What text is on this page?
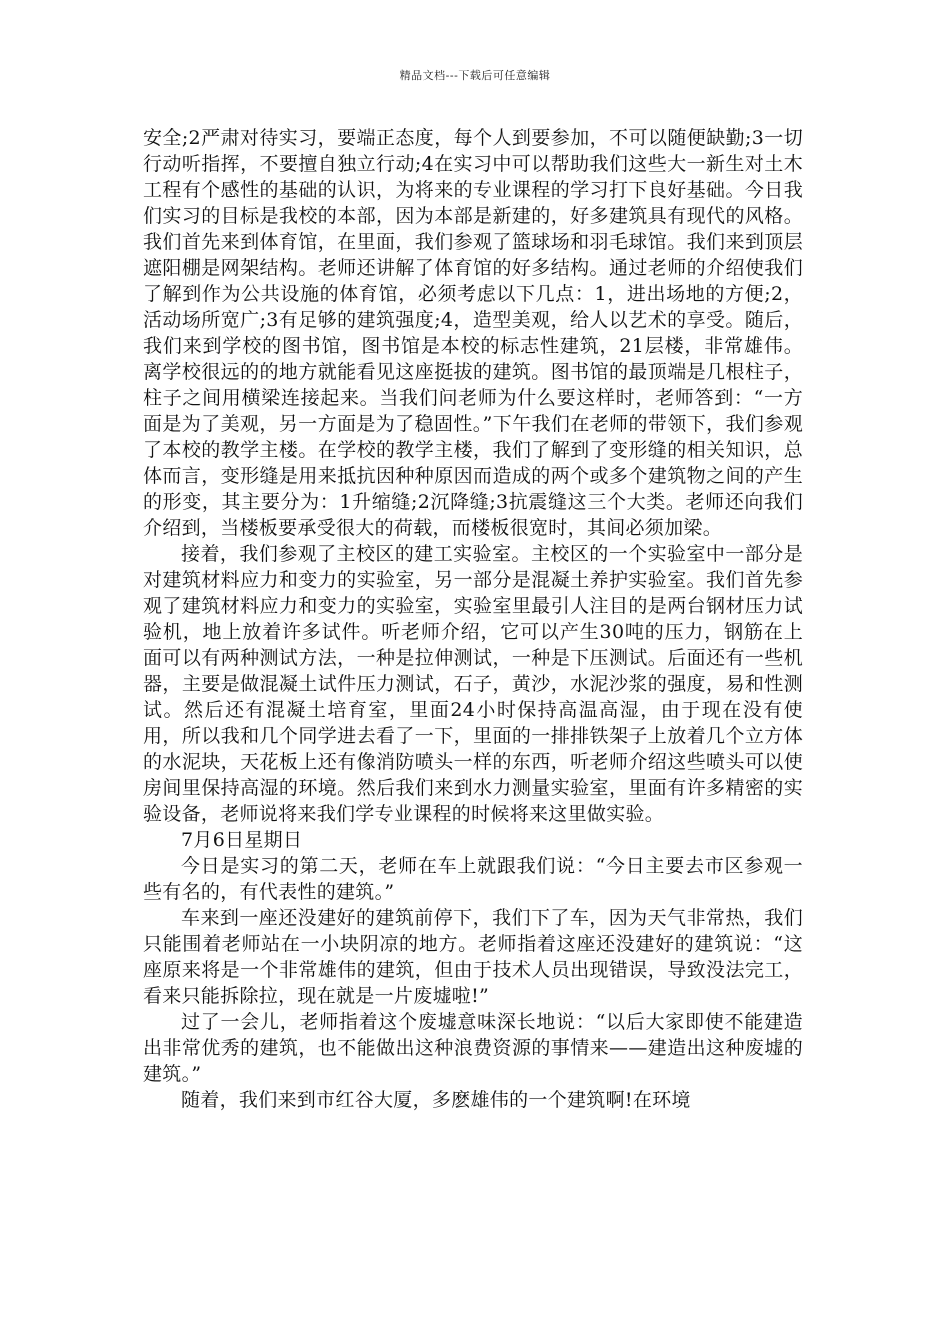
精品文档---下载后可任意编辑

安全;2严肃对待实习，要端正态度，每个人到要参加，不可以随便缺勤;3一切行动听指挥，不要擅自独立行动;4在实习中可以帮助我们这些大一新生对土木工程有个感性的基础的认识，为将来的专业课程的学习打下良好基础。今日我们实习的目标是我校的本部，因为本部是新建的，好多建筑具有现代的风格。我们首先来到体育馆，在里面，我们参观了篮球场和羽毛球馆。我们来到顶层遮阳棚是网架结构。老师还讲解了体育馆的好多结构。通过老师的介绍使我们了解到作为公共设施的体育馆，必须考虑以下几点：1，进出场地的方便;2，活动场所宽广;3有足够的建筑强度;4，造型美观，给人以艺术的享受。随后，我们来到学校的图书馆，图书馆是本校的标志性建筑，21层楼，非常雄伟。离学校很远的的地方就能看见这座挺拔的建筑。图书馆的最顶端是几根柱子，柱子之间用横梁连接起来。当我们问老师为什么要这样时，老师答到：“一方面是为了美观，另一方面是为了稳固性。”下午我们在老师的带领下，我们参观了本校的教学主楼。在学校的教学主楼，我们了解到了变形缝的相关知识，总体而言，变形缝是用来抵抗因种种原因而造成的两个或多个建筑物之间的产生的形变，其主要分为：1升缩缝;2沉降缝;3抗震缝这三个大类。老师还向我们介绍到，当楼板要承受很大的荷载，而楼板很宽时，其间必须加梁。

接着，我们参观了主校区的建工实验室。主校区的一个实验室中一部分是对建筑材料应力和变力的实验室，另一部分是混凝土养护实验室。我们首先参观了建筑材料应力和变力的实验室，实验室里最引人注目的是两台钢材压力试验机，地上放着许多试件。听老师介绍，它可以产生30吨的压力，钢筋在上面可以有两种测试方法，一种是拉伸测试，一种是下压测试。后面还有一些机器，主要是做混凝土试件压力测试，石子，黄沙，水泥沙浆的强度，易和性测试。然后还有混凝土培育室，里面24小时保持高温高湿，由于现在没有使用，所以我和几个同学进去看了一下，里面的一排排铁架子上放着几个立方体的水泥块，天花板上还有像消防喷头一样的东西，听老师介绍这些喷头可以使房间里保持高湿的环境。然后我们来到水力测量实验室，里面有许多精密的实验设备，老师说将来我们学专业课程的时候将来这里做实验。

7月6日星期日

今日是实习的第二天，老师在车上就跟我们说：“今日主要去市区参观一些有名的，有代表性的建筑。”

车来到一座还没建好的建筑前停下，我们下了车，因为天气非常热，我们只能围着老师站在一小块阴凉的地方。老师指着这座还没建好的建筑说：“这座原来将是一个非常雄伟的建筑，但由于技术人员出现错误，导致没法完工，看来只能拆除拉，现在就是一片废墟啦!”

过了一会儿，老师指着这个废墟意味深长地说：“以后大家即使不能建造出非常优秀的建筑，也不能做出这种浪费资源的事情来——建造出这种废墟的建筑。”

随着，我们来到市红谷大厦，多麽雄伟的一个建筑啊!在环境
